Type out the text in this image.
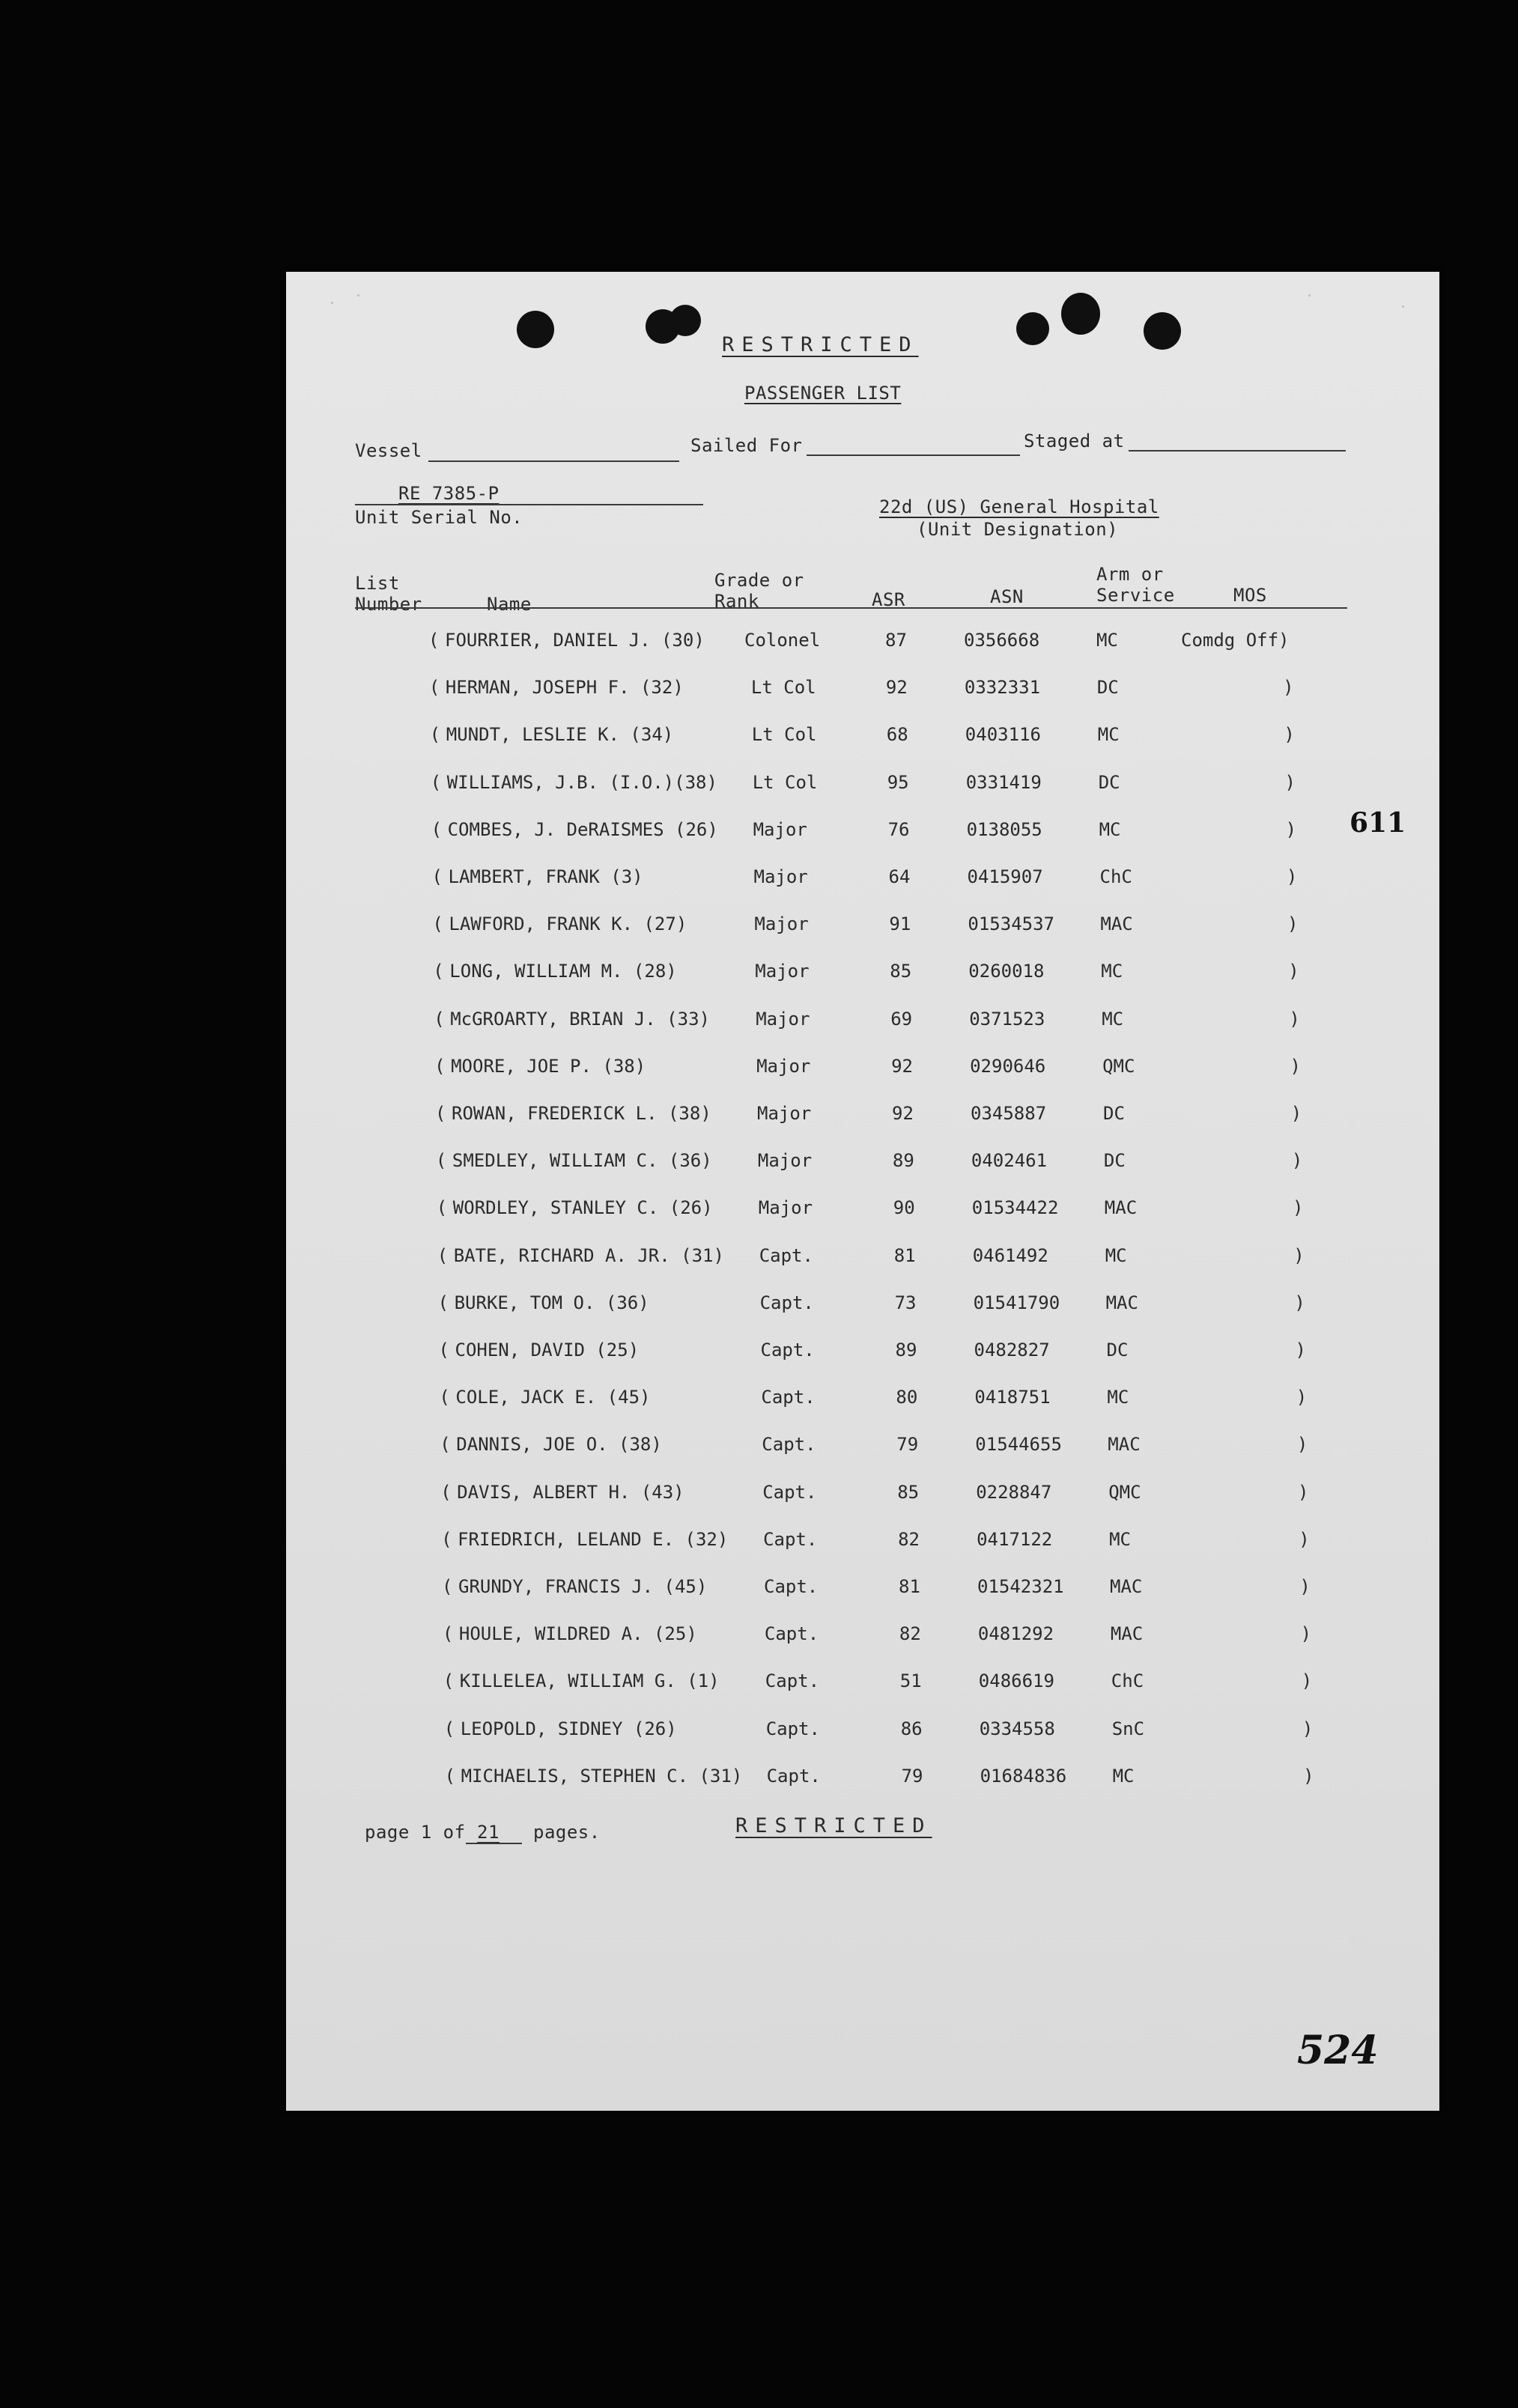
RESTRICTED
PASSENGER LIST
Vessel	Sailed For	Staged at
RE 7385-P
Unit Serial No.	22d (US) General Hospital
(Unit Designation)
List
Number	Name
Grade or
Rank	ASR	ASN
Arm or
Service	MOS
( FOURRIER, DANIEL J. (30) Colonel	87	0356668	MC	Comdg Off)
( HERMAN, JOSEPH F. (32)	Lt Col	92	0332331	DC	)
( MUNDT, LESLIE K. (34)	Lt Col	68	0403116	MC	)
( WILLIAMS, J.B. (I.O.)(38) Lt Col	95	0331419	DC	)
( COMBES, J. DeRAISMES (26) Major	76	0138055	MC	)
( LAMBERT, FRANK (3)	Major	64	0415907	ChC	)
( LAWFORD, FRANK K. (27)	Major	91	01534537	MAC	)
( LONG, WILLIAM M. (28)	Major	85	0260018	MC	)
( McGROARTY, BRIAN J. (33)	Major	69	0371523	MC	)
( MOORE, JOE P. (38)	Major	92	0290646	QMC	)
( ROWAN, FREDERICK L. (38)	Major	92	0345887	DC	)
( SMEDLEY, WILLIAM C. (36)	Major	89	0402461	DC	)
( WORDLEY, STANLEY C. (26)	Major	90	01534422	MAC	)
( BATE, RICHARD A. JR. (31) Capt.	81	0461492	MC	)
( BURKE, TOM O. (36)	Capt.	73	01541790	MAC	)
( COHEN, DAVID (25)	Capt.	89	0482827	DC	)
( COLE, JACK E. (45)	Capt.	80	0418751	MC	)
( DANNIS, JOE O. (38)	Capt.	79	01544655	MAC	)
( DAVIS, ALBERT H. (43)	Capt.	85	0228847	QMC	)
( FRIEDRICH, LELAND E. (32) Capt.	82	0417122	MC	)
( GRUNDY, FRANCIS J. (45)	Capt.	81	01542321	MAC	)
( HOULE, WILDRED A. (25)	Capt.	82	0481292	MAC	)
( KILLELEA, WILLIAM G. (1)	Capt.	51	0486619	ChC	)
( LEOPOLD, SIDNEY (26)	Capt.	86	0334558	SnC	)
( MICHAELIS, STEPHEN C. (31) Capt.	79	01684836	MC	)
page 1 of 21 pages.	RESTRICTED
611
524
